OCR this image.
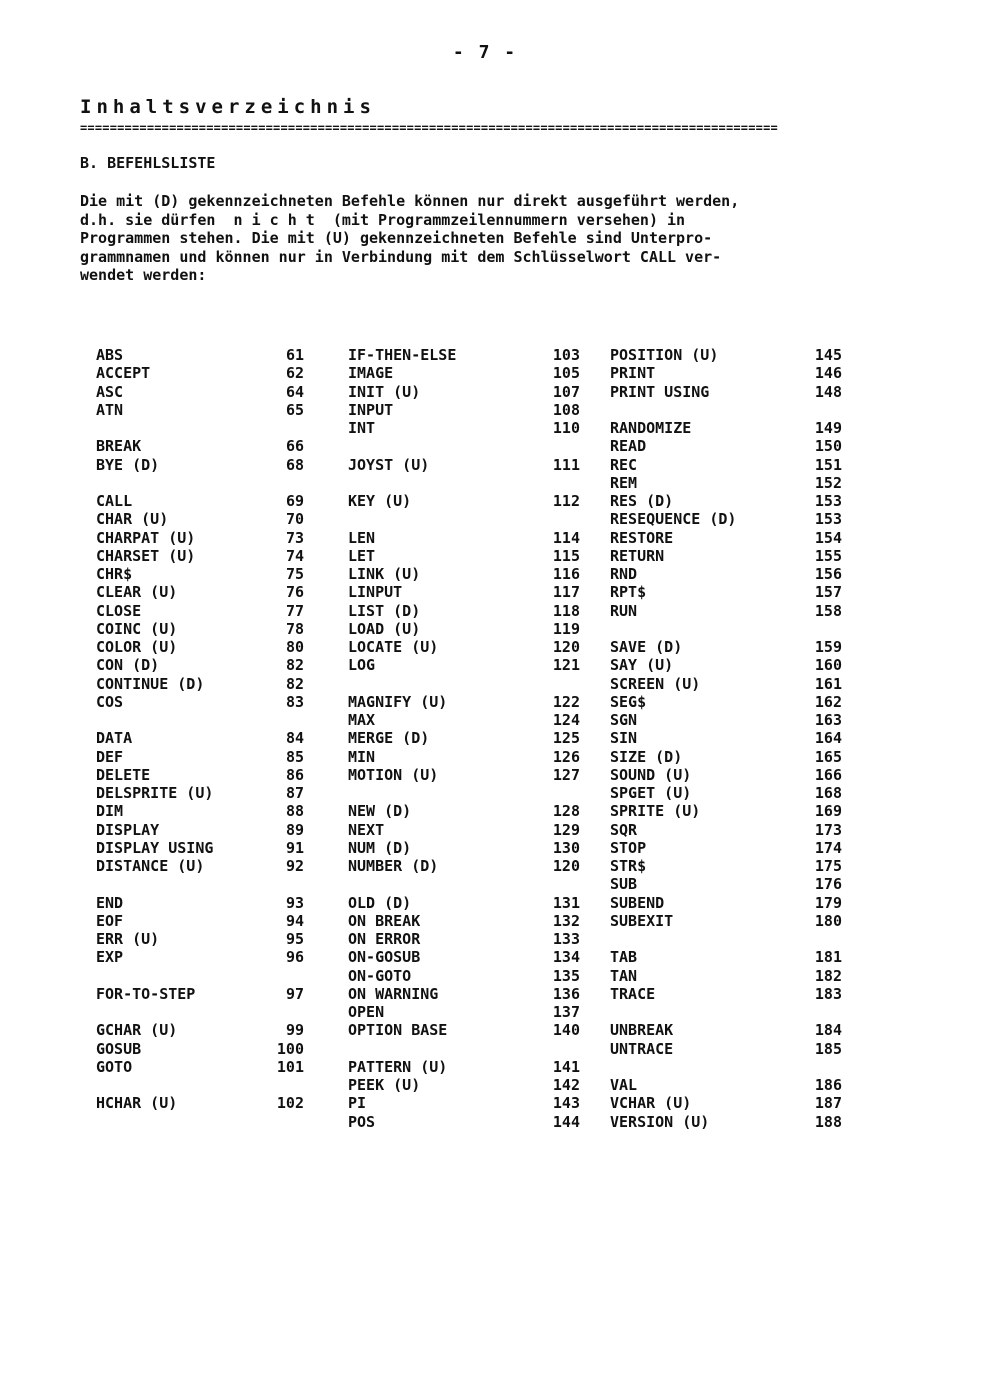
- 7 -
Inhaltsverzeichnis
==============================================================================================
B. BEFEHLSLISTE
Die mit (D) gekennzeichneten Befehle können nur direkt ausgeführt werden,
d.h. sie dürfen  n i c h t  (mit Programmzeilennummern versehen) in
Programmen stehen. Die mit (U) gekennzeichneten Befehle sind Unterpro-
grammnamen und können nur in Verbindung mit dem Schlüsselwort CALL ver-
wendet werden:
ABS	61
ACCEPT	62
ASC	64
ATN	65
BREAK	66
BYE (D)	68
CALL	69
CHAR (U)	70
CHARPAT (U)	73
CHARSET (U)	74
CHR$	75
CLEAR (U)	76
CLOSE	77
COINC (U)	78
COLOR (U)	80
CON (D)	82
CONTINUE (D)	82
COS	83
DATA	84
DEF	85
DELETE	86
DELSPRITE (U)	87
DIM	88
DISPLAY	89
DISPLAY USING	91
DISTANCE (U)	92
END	93
EOF	94
ERR (U)	95
EXP	96
FOR-TO-STEP	97
GCHAR (U)	99
GOSUB	100
GOTO	101
HCHAR (U)	102
IF-THEN-ELSE	103
IMAGE	105
INIT (U)	107
INPUT	108
INT	110
JOYST (U)	111
KEY (U)	112
LEN	114
LET	115
LINK (U)	116
LINPUT	117
LIST (D)	118
LOAD (U)	119
LOCATE (U)	120
LOG	121
MAGNIFY (U)	122
MAX	124
MERGE (D)	125
MIN	126
MOTION (U)	127
NEW (D)	128
NEXT	129
NUM (D)	130
NUMBER (D)	120
OLD (D)	131
ON BREAK	132
ON ERROR	133
ON-GOSUB	134
ON-GOTO	135
ON WARNING	136
OPEN	137
OPTION BASE	140
PATTERN (U)	141
PEEK (U)	142
PI	143
POS	144
POSITION (U)	145
PRINT	146
PRINT USING	148
RANDOMIZE	149
READ	150
REC	151
REM	152
RES (D)	153
RESEQUENCE (D)	153
RESTORE	154
RETURN	155
RND	156
RPT$	157
RUN	158
SAVE (D)	159
SAY (U)	160
SCREEN (U)	161
SEG$	162
SGN	163
SIN	164
SIZE (D)	165
SOUND (U)	166
SPGET (U)	168
SPRITE (U)	169
SQR	173
STOP	174
STR$	175
SUB	176
SUBEND	179
SUBEXIT	180
TAB	181
TAN	182
TRACE	183
UNBREAK	184
UNTRACE	185
VAL	186
VCHAR (U)	187
VERSION (U)	188
